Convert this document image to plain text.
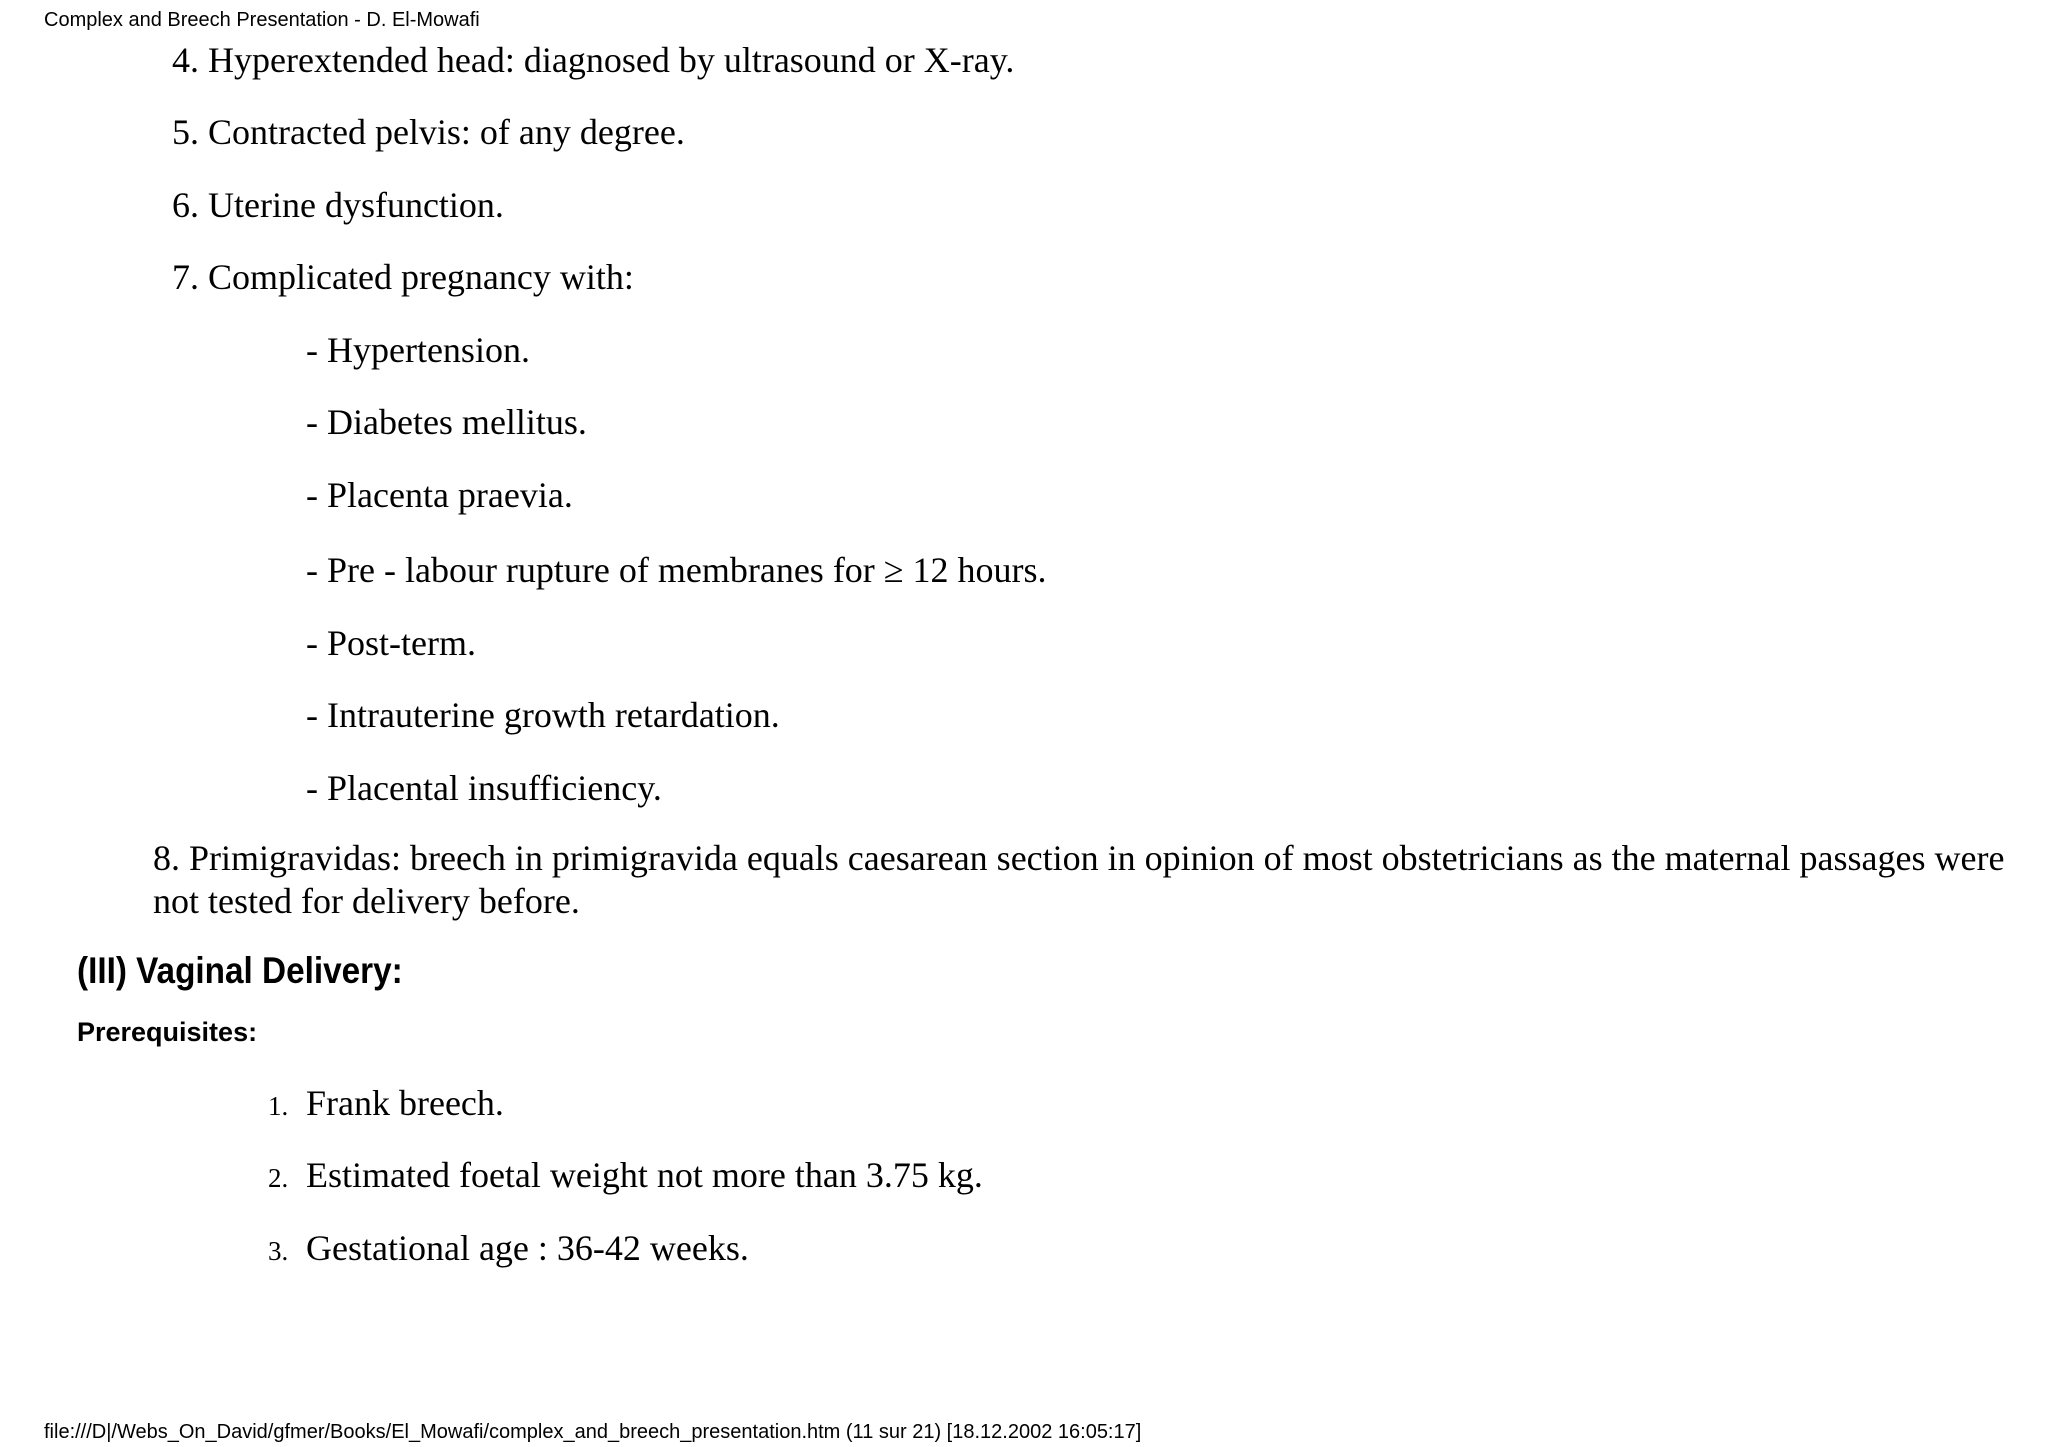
Complex and Breech Presentation - D. El-Mowafi
4. Hyperextended head: diagnosed by ultrasound or X-ray.
5. Contracted pelvis: of any degree.
6. Uterine dysfunction.
7. Complicated pregnancy with:
- Hypertension.
- Diabetes mellitus.
- Placenta praevia.
- Pre - labour rupture of membranes for ≥ 12 hours.
- Post-term.
- Intrauterine growth retardation.
- Placental insufficiency.
8. Primigravidas: breech in primigravida equals caesarean section in opinion of most obstetricians as the maternal passages were not tested for delivery before.
(III) Vaginal Delivery:
Prerequisites:
1. Frank breech.
2. Estimated foetal weight not more than 3.75 kg.
3. Gestational age : 36-42 weeks.
file:///D|/Webs_On_David/gfmer/Books/El_Mowafi/complex_and_breech_presentation.htm (11 sur 21) [18.12.2002 16:05:17]
